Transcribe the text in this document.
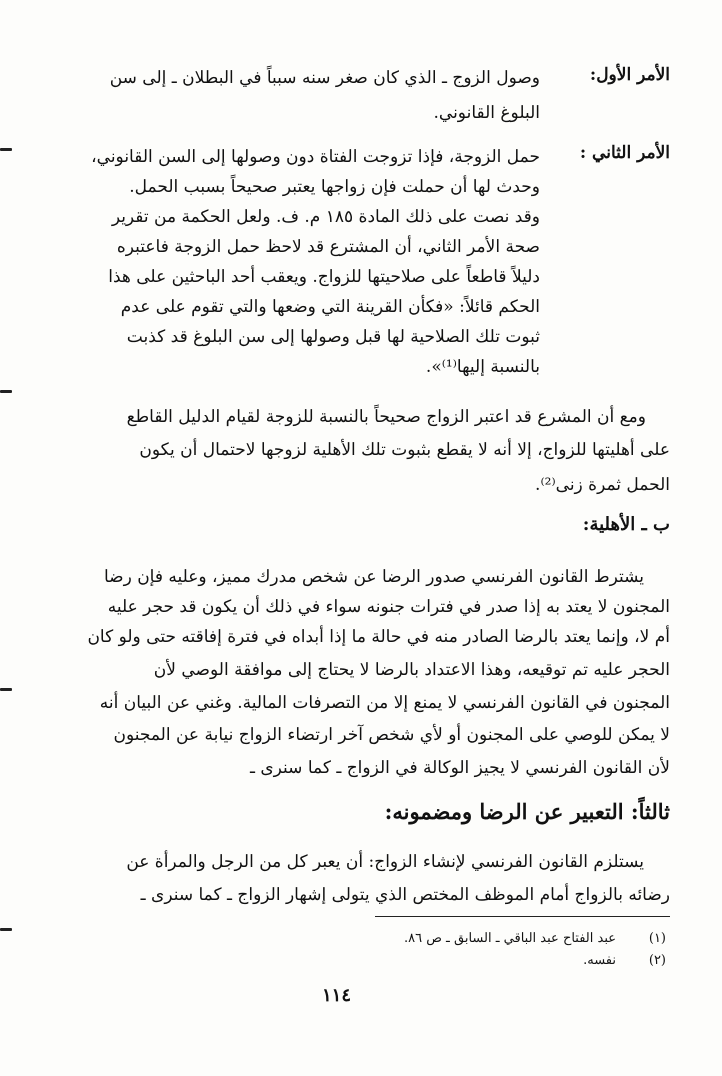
الأمر الأول:
وصول الزوج ـ الذي كان صغر سنه سبباً في البطلان ـ إلى سن
البلوغ القانوني.
الأمر الثاني :
حمل الزوجة، فإذا تزوجت الفتاة دون وصولها إلى السن القانوني،
وحدث لها أن حملت فإن زواجها يعتبر صحيحاً بسبب الحمل.
وقد نصت على ذلك المادة ١٨٥ م. ف. ولعل الحكمة من تقرير
صحة الأمر الثاني، أن المشترع قد لاحظ حمل الزوجة فاعتبره
دليلاً قاطعاً على صلاحيتها للزواج. ويعقب أحد الباحثين على هذا
الحكم قائلاً: «فكأن القرينة التي وضعها والتي تقوم على عدم
ثبوت تلك الصلاحية لها قبل وصولها إلى سن البلوغ قد كذبت
بالنسبة إليها⁽¹⁾».
ومع أن المشرع قد اعتبر الزواج صحيحاً بالنسبة للزوجة لقيام الدليل القاطع
على أهليتها للزواج، إلا أنه لا يقطع بثبوت تلك الأهلية لزوجها لاحتمال أن يكون
الحمل ثمرة زنى⁽²⁾.
ب ـ الأهلية:
يشترط القانون الفرنسي صدور الرضا عن شخص مدرك مميز، وعليه فإن رضا
المجنون لا يعتد به إذا صدر في فترات جنونه سواء في ذلك أن يكون قد حجر عليه
أم لا، وإنما يعتد بالرضا الصادر منه في حالة ما إذا أبداه في فترة إفاقته حتى ولو كان
الحجر عليه تم توقيعه، وهذا الاعتداد بالرضا لا يحتاج إلى موافقة الوصي لأن
المجنون في القانون الفرنسي لا يمنع إلا من التصرفات المالية. وغني عن البيان أنه
لا يمكن للوصي على المجنون أو لأي شخص آخر ارتضاء الزواج نيابة عن المجنون
لأن القانون الفرنسي لا يجيز الوكالة في الزواج ـ كما سنرى ـ
ثالثاً: التعبير عن الرضا ومضمونه:
يستلزم القانون الفرنسي لإنشاء الزواج: أن يعبر كل من الرجل والمرأة عن
رضائه بالزواج أمام الموظف المختص الذي يتولى إشهار الزواج ـ كما سنرى ـ
(١)
عبد الفتاح عبد الباقي ـ السابق ـ ص ٨٦.
(٢)
نفسه.
١١٤
